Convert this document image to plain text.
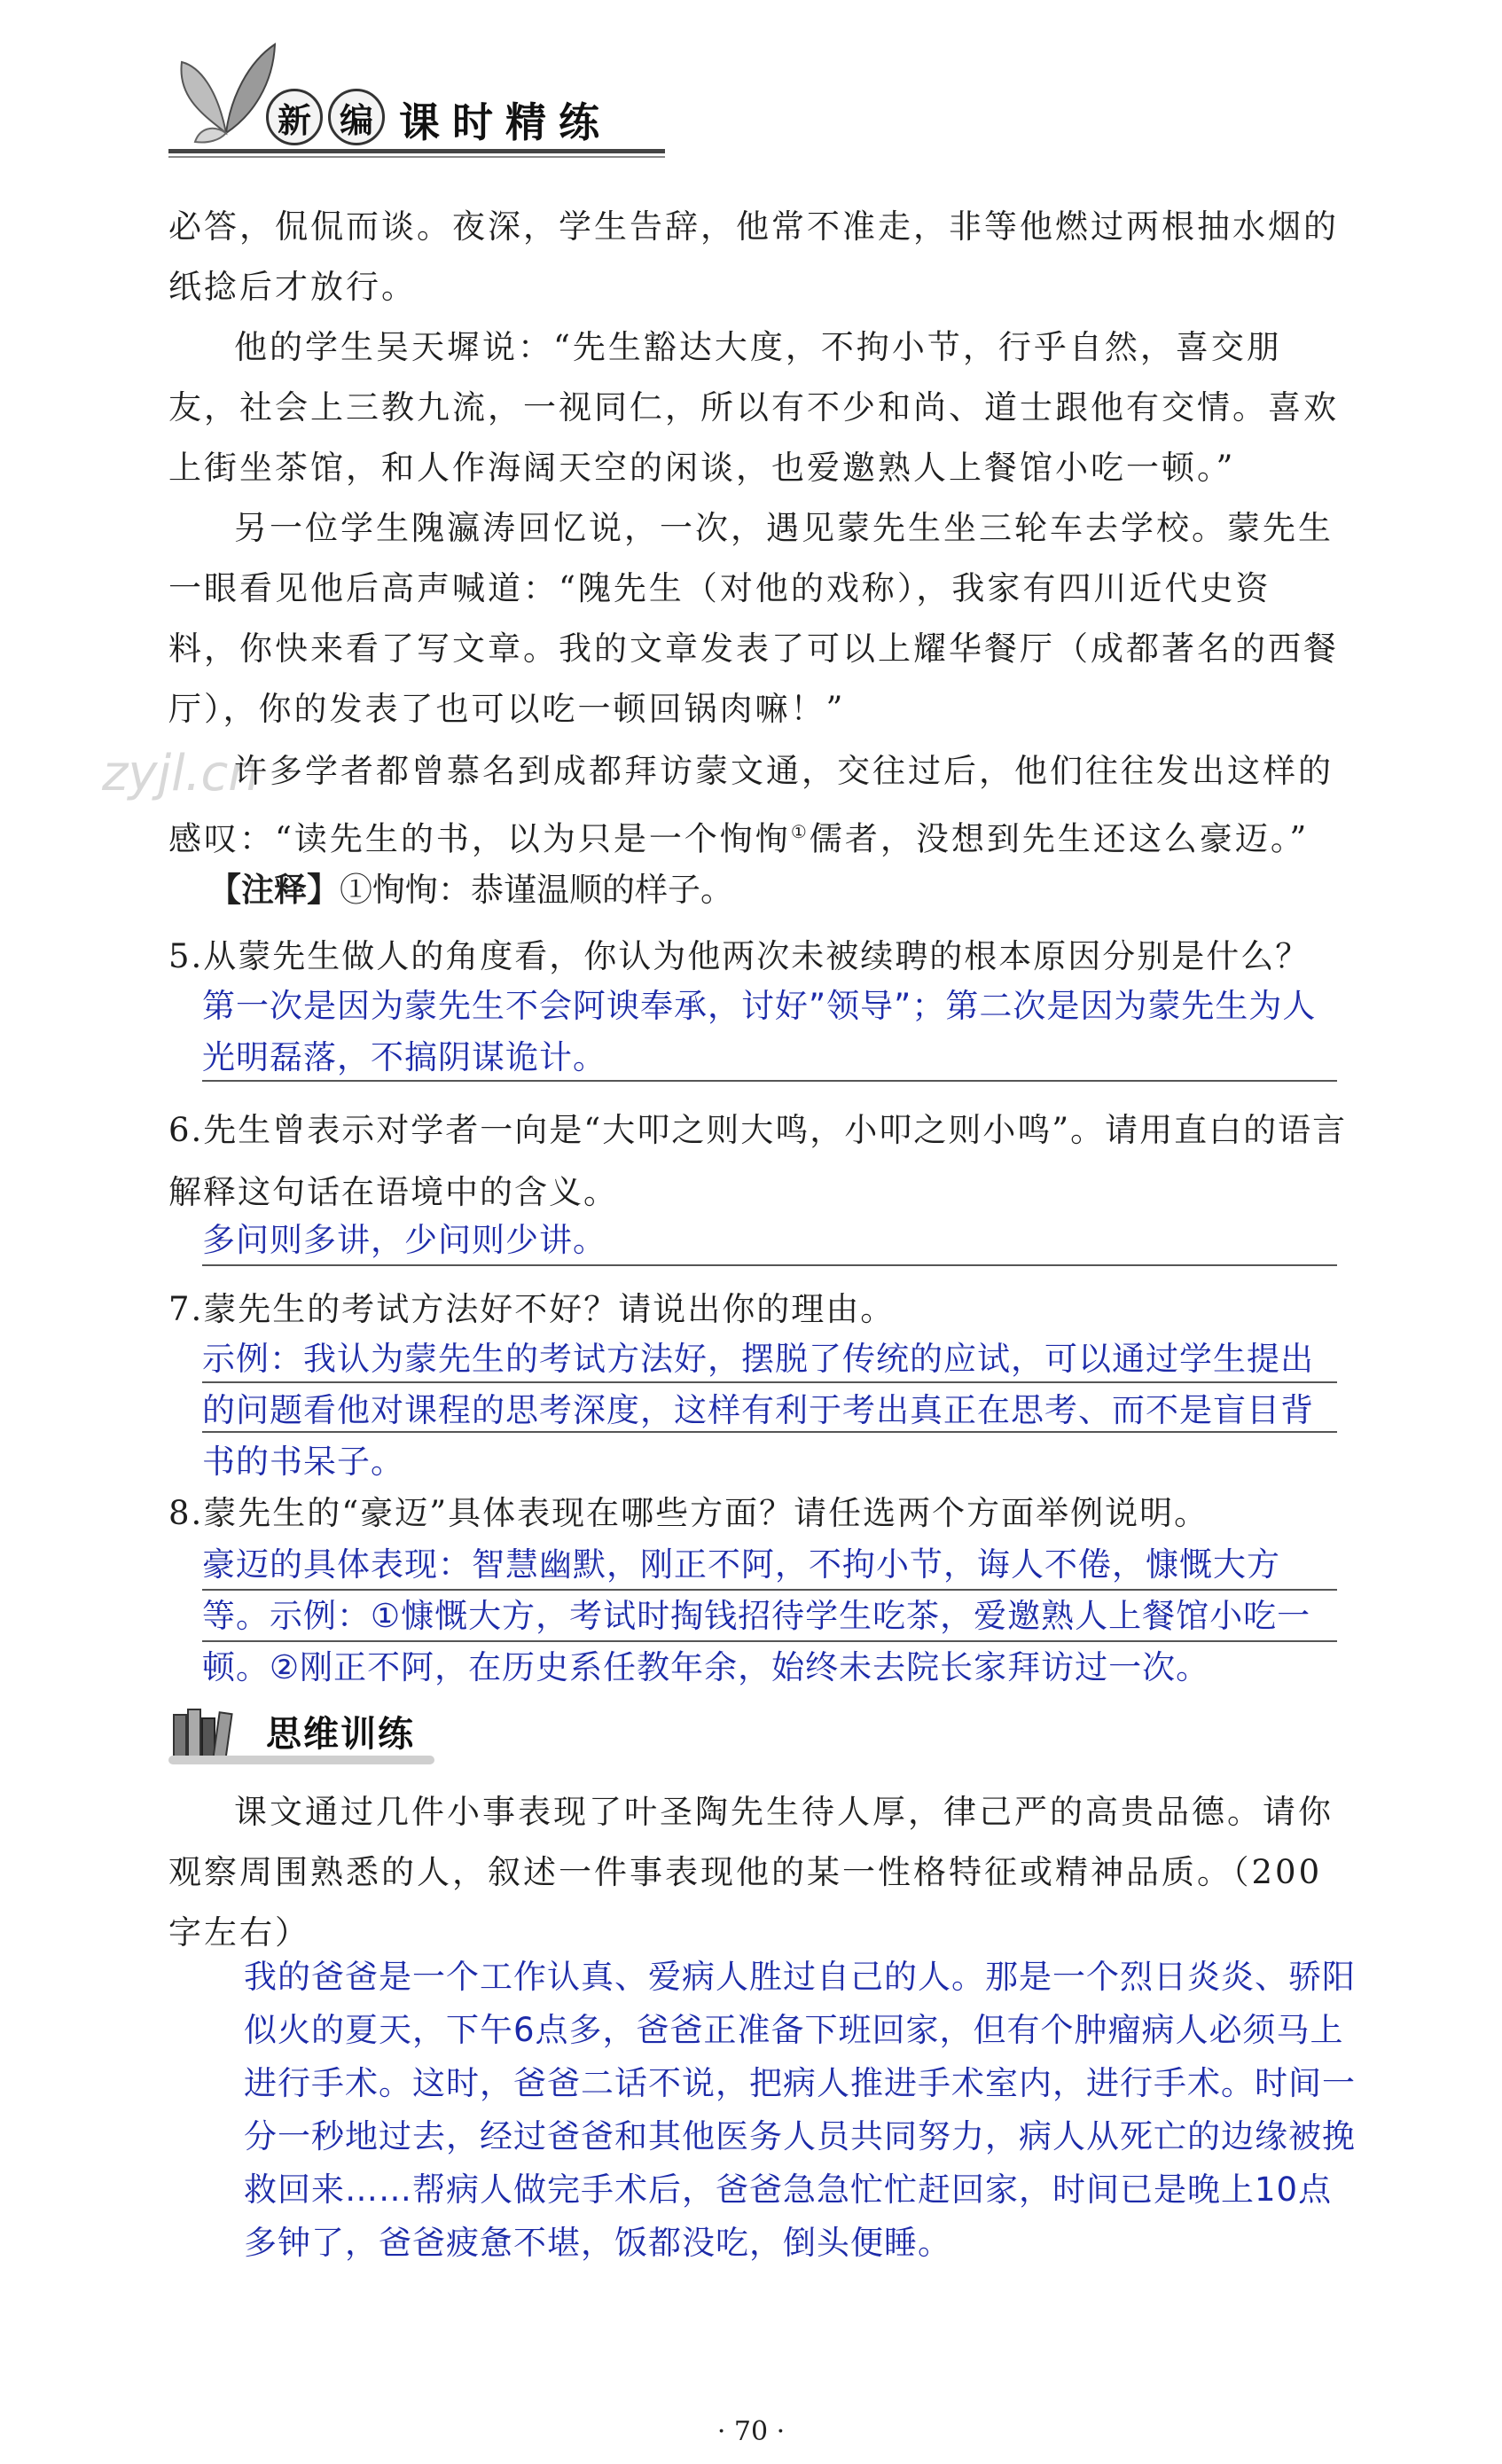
新 编 课时精练
zyjl.cn
必答，侃侃而谈。夜深，学生告辞，他常不准走，非等他燃过两根抽水烟的纸捻后才放行。
他的学生吴天墀说：“先生豁达大度，不拘小节，行乎自然，喜交朋友，社会上三教九流，一视同仁，所以有不少和尚、道士跟他有交情。喜欢上街坐茶馆，和人作海阔天空的闲谈，也爱邀熟人上餐馆小吃一顿。”
另一位学生隗瀛涛回忆说，一次，遇见蒙先生坐三轮车去学校。蒙先生一眼看见他后高声喊道：“隗先生（对他的戏称），我家有四川近代史资料，你快来看了写文章。我的文章发表了可以上耀华餐厅（成都著名的西餐厅），你的发表了也可以吃一顿回锅肉嘛！”
许多学者都曾慕名到成都拜访蒙文通，交往过后，他们往往发出这样的感叹：“读先生的书，以为只是一个恂恂①儒者，没想到先生还这么豪迈。”
【注释】①恂恂：恭谨温顺的样子。
5.从蒙先生做人的角度看，你认为他两次未被续聘的根本原因分别是什么？
第一次是因为蒙先生不会阿谀奉承，讨好”领导”；第二次是因为蒙先生为人光明磊落，不搞阴谋诡计。
6.先生曾表示对学者一向是“大叩之则大鸣，小叩之则小鸣”。请用直白的语言解释这句话在语境中的含义。
多问则多讲，少问则少讲。
7.蒙先生的考试方法好不好？请说出你的理由。
示例：我认为蒙先生的考试方法好，摆脱了传统的应试，可以通过学生提出的问题看他对课程的思考深度，这样有利于考出真正在思考、而不是盲目背书的书呆子。
8.蒙先生的“豪迈”具体表现在哪些方面？请任选两个方面举例说明。
豪迈的具体表现：智慧幽默，刚正不阿，不拘小节，诲人不倦，慷慨大方等。示例：①慷慨大方，考试时掏钱招待学生吃茶，爱邀熟人上餐馆小吃一顿。②刚正不阿，在历史系任教年余，始终未去院长家拜访过一次。
思维训练
课文通过几件小事表现了叶圣陶先生待人厚，律己严的高贵品德。请你观察周围熟悉的人，叙述一件事表现他的某一性格特征或精神品质。（200字左右）
我的爸爸是一个工作认真、爱病人胜过自己的人。那是一个烈日炎炎、骄阳似火的夏天，下午6点多，爸爸正准备下班回家，但有个肿瘤病人必须马上进行手术。这时，爸爸二话不说，把病人推进手术室内，进行手术。时间一分一秒地过去，经过爸爸和其他医务人员共同努力，病人从死亡的边缘被挽救回来……帮病人做完手术后，爸爸急急忙忙赶回家，时间已是晚上10点多钟了，爸爸疲惫不堪，饭都没吃，倒头便睡。
· 70 ·
